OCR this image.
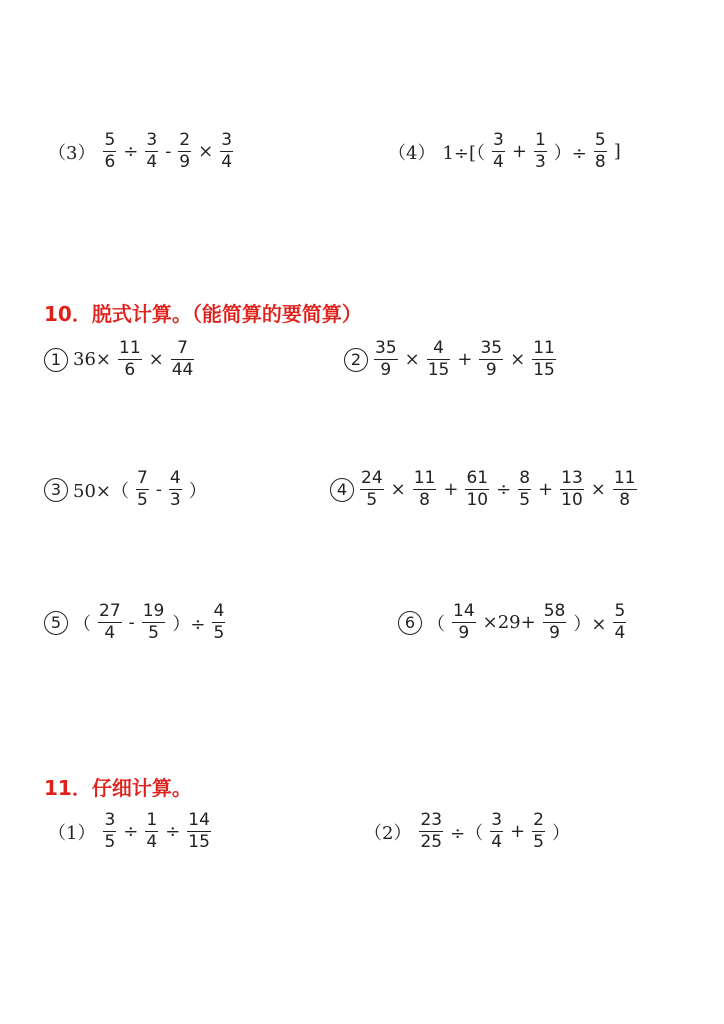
$(3) \frac{5}{6} \div \frac{3}{4} - \frac{2}{9} \times \frac{3}{4}$	（4） $1\div[( \frac{3}{4} + \frac{1}{3}$ ）÷ $\frac{5}{8}$ ]
10．脱式计算。（能简算的要简算）
1 $36\times \frac{11}{6} \times \frac{7}{44}$	$2 \frac{35}{9} \times \frac{4}{15} + \frac{35}{9} \times \frac{11}{15}$
3 $50\times( \frac{7}{5} - \frac{4}{3}$ ）	$4 \frac{24}{5} \times \frac{11}{8} + \frac{61}{10} \div \frac{8}{5} + \frac{13}{10} \times \frac{11}{8}$
5 （ $\frac{27}{4} - \frac{19}{5}$ ）÷ $\frac{4}{5}$	6 （ $\frac{14}{9} \times 29+ \frac{58}{9}$ ）× $\frac{5}{4}$
11．仔细计算。
$(1) \frac{3}{5} \div \frac{1}{4} \div \frac{14}{15}$	$(2) \frac{23}{25}$ ÷（ $\frac{3}{4} + \frac{2}{5}$ ）
